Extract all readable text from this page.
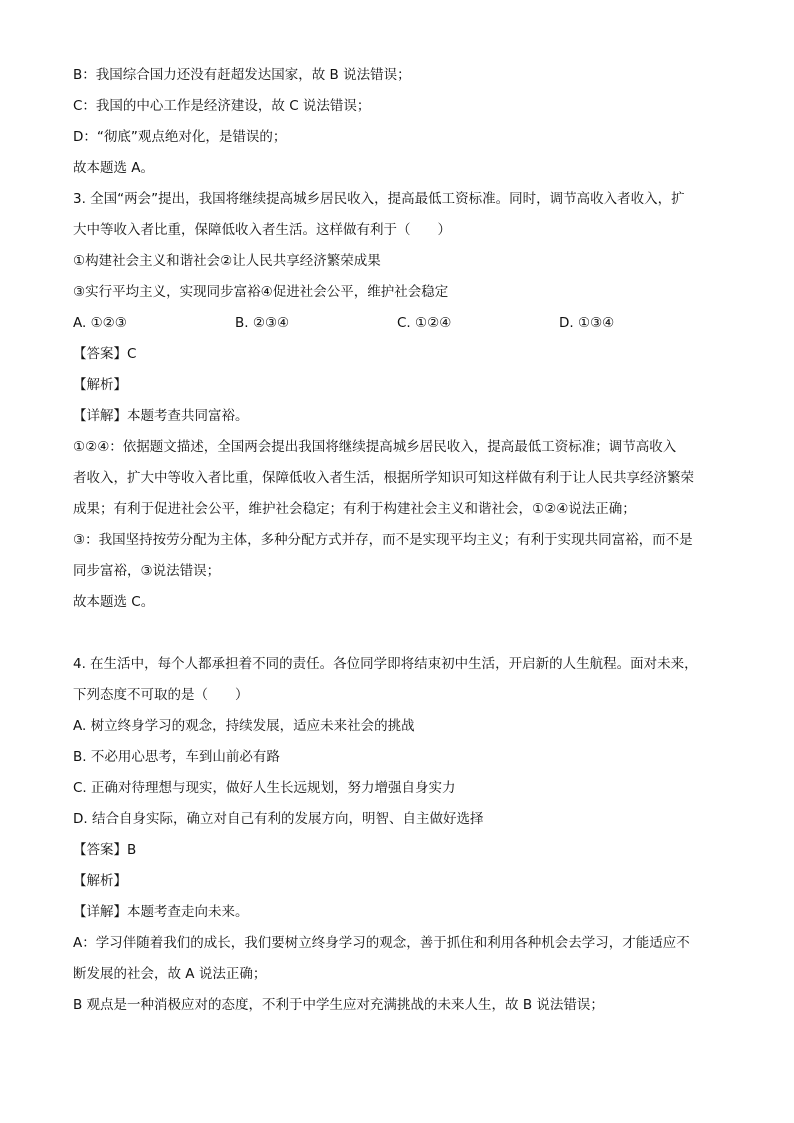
B：我国综合国力还没有赶超发达国家，故 B 说法错误；
C：我国的中心工作是经济建设，故 C 说法错误；
D：“彻底”观点绝对化，是错误的；
故本题选 A。
3. 全国“两会”提出，我国将继续提高城乡居民收入，提高最低工资标准。同时，调节高收入者收入，扩
大中等收入者比重，保障低收入者生活。这样做有利于（　　）
①构建社会主义和谐社会②让人民共享经济繁荣成果
③实行平均主义，实现同步富裕④促进社会公平，维护社会稳定
A. ①②③	B. ②③④	C. ①②④	D. ①③④
【答案】C
【解析】
【详解】本题考查共同富裕。
①②④：依据题文描述，全国两会提出我国将继续提高城乡居民收入，提高最低工资标准；调节高收入
者收入，扩大中等收入者比重，保障低收入者生活，根据所学知识可知这样做有利于让人民共享经济繁荣
成果；有利于促进社会公平，维护社会稳定；有利于构建社会主义和谐社会，①②④说法正确；
③：我国坚持按劳分配为主体，多种分配方式并存，而不是实现平均主义；有利于实现共同富裕，而不是
同步富裕，③说法错误；
故本题选 C。
4. 在生活中，每个人都承担着不同的责任。各位同学即将结束初中生活，开启新的人生航程。面对未来，
下列态度不可取的是（　　）
A. 树立终身学习的观念，持续发展，适应未来社会的挑战
B. 不必用心思考，车到山前必有路
C. 正确对待理想与现实，做好人生长远规划，努力增强自身实力
D. 结合自身实际，确立对自己有利的发展方向，明智、自主做好选择
【答案】B
【解析】
【详解】本题考查走向未来。
A：学习伴随着我们的成长，我们要树立终身学习的观念，善于抓住和利用各种机会去学习，才能适应不
断发展的社会，故 A 说法正确；
B 观点是一种消极应对的态度，不利于中学生应对充满挑战的未来人生，故 B 说法错误；
